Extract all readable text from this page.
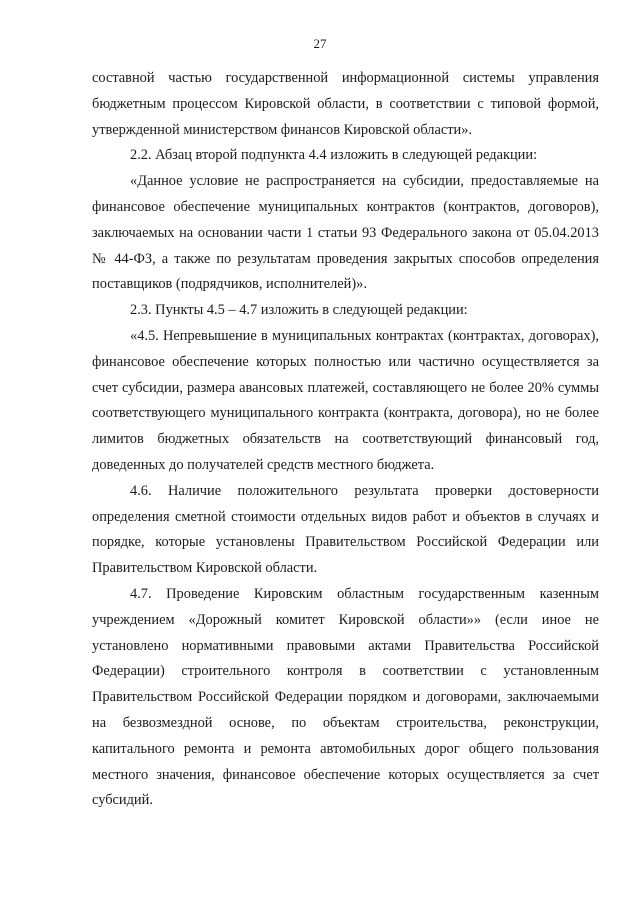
27

составной частью государственной информационной системы управления бюджетным процессом Кировской области, в соответствии с типовой формой, утвержденной министерством финансов Кировской области».

2.2. Абзац второй подпункта 4.4 изложить в следующей редакции:

«Данное условие не распространяется на субсидии, предоставляемые на финансовое обеспечение муниципальных контрактов (контрактов, договоров), заключаемых на основании части 1 статьи 93 Федерального закона от 05.04.2013 № 44-ФЗ, а также по результатам проведения закрытых способов определения поставщиков (подрядчиков, исполнителей)».

2.3. Пункты 4.5 – 4.7 изложить в следующей редакции:

«4.5. Непревышение в муниципальных контрактах (контрактах, договорах), финансовое обеспечение которых полностью или частично осуществляется за счет субсидии, размера авансовых платежей, составляющего не более 20% суммы соответствующего муниципального контракта (контракта, договора), но не более лимитов бюджетных обязательств на соответствующий финансовый год, доведенных до получателей средств местного бюджета.

4.6. Наличие положительного результата проверки достоверности определения сметной стоимости отдельных видов работ и объектов в случаях и порядке, которые установлены Правительством Российской Федерации или Правительством Кировской области.

4.7. Проведение Кировским областным государственным казенным учреждением «Дорожный комитет Кировской области»» (если иное не установлено нормативными правовыми актами Правительства Российской Федерации) строительного контроля в соответствии с установленным Правительством Российской Федерации порядком и договорами, заключаемыми на безвозмездной основе, по объектам строительства, реконструкции, капитального ремонта и ремонта автомобильных дорог общего пользования местного значения, финансовое обеспечение которых осуществляется за счет субсидий.
